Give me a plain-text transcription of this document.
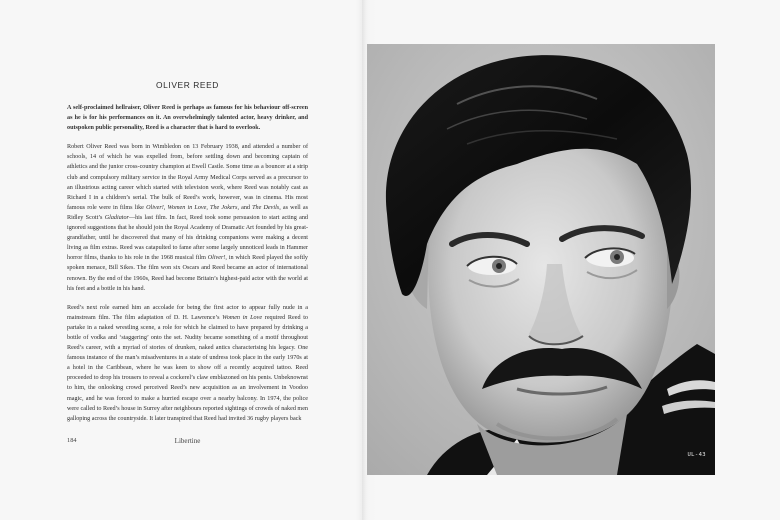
OLIVER REED

A self-proclaimed hellraiser, Oliver Reed is perhaps as famous for his behaviour off-screen as he is for his performances on it. An overwhelmingly talented actor, heavy drinker, and outspoken public personality, Reed is a character that is hard to overlook.

Robert Oliver Reed was born in Wimbledon on 13 February 1938, and attended a number of schools, 14 of which he was expelled from, before settling down and becoming captain of athletics and the junior cross-country champion at Ewell Castle. Some time as a bouncer at a strip club and compulsory military service in the Royal Army Medical Corps served as a precursor to an illustrious acting career which started with television work, where Reed was notably cast as Richard I in a children’s serial. The bulk of Reed’s work, however, was in cinema. His most famous role were in films like Oliver!, Women in Love, The Jokers, and The Devils, as well as Ridley Scott’s Gladiator—his last film. In fact, Reed took some persuasion to start acting and ignored suggestions that he should join the Royal Academy of Dramatic Art founded by his great-grandfather, until he discovered that many of his drinking companions were making a decent living as film extras. Reed was catapulted to fame after some largely unnoticed leads in Hammer horror films, thanks to his role in the 1968 musical film Oliver!, in which Reed played the softly spoken menace, Bill Sikes. The film won six Oscars and Reed became an actor of international renown. By the end of the 1960s, Reed had become Britain’s highest-paid actor with the world at his feet and a bottle in his hand.

Reed’s next role earned him an accolade for being the first actor to appear fully nude in a mainstream film. The film adaptation of D. H. Lawrence’s Women in Love required Reed to partake in a naked wrestling scene, a role for which he claimed to have prepared by drinking a bottle of vodka and ‘staggering’ onto the set. Nudity became something of a motif throughout Reed’s career, with a myriad of stories of drunken, naked antics characterising his legacy. One famous instance of the man’s misadventures in a state of undress took place in the early 1970s at a hotel in the Caribbean, where he was keen to show off a recently acquired tattoo. Reed proceeded to drop his trousers to reveal a cockerel’s claw emblazoned on his penis. Unbeknownst to him, the onlooking crowd perceived Reed’s new acquisition as an involvement in Voodoo magic, and he was forced to make a hurried escape over a nearby balcony. In 1974, the police were called to Reed’s house in Surrey after neighbours reported sightings of crowds of naked men galloping across the countryside. It later transpired that Reed had invited 36 rugby players back

184	Libertine
UL-43
